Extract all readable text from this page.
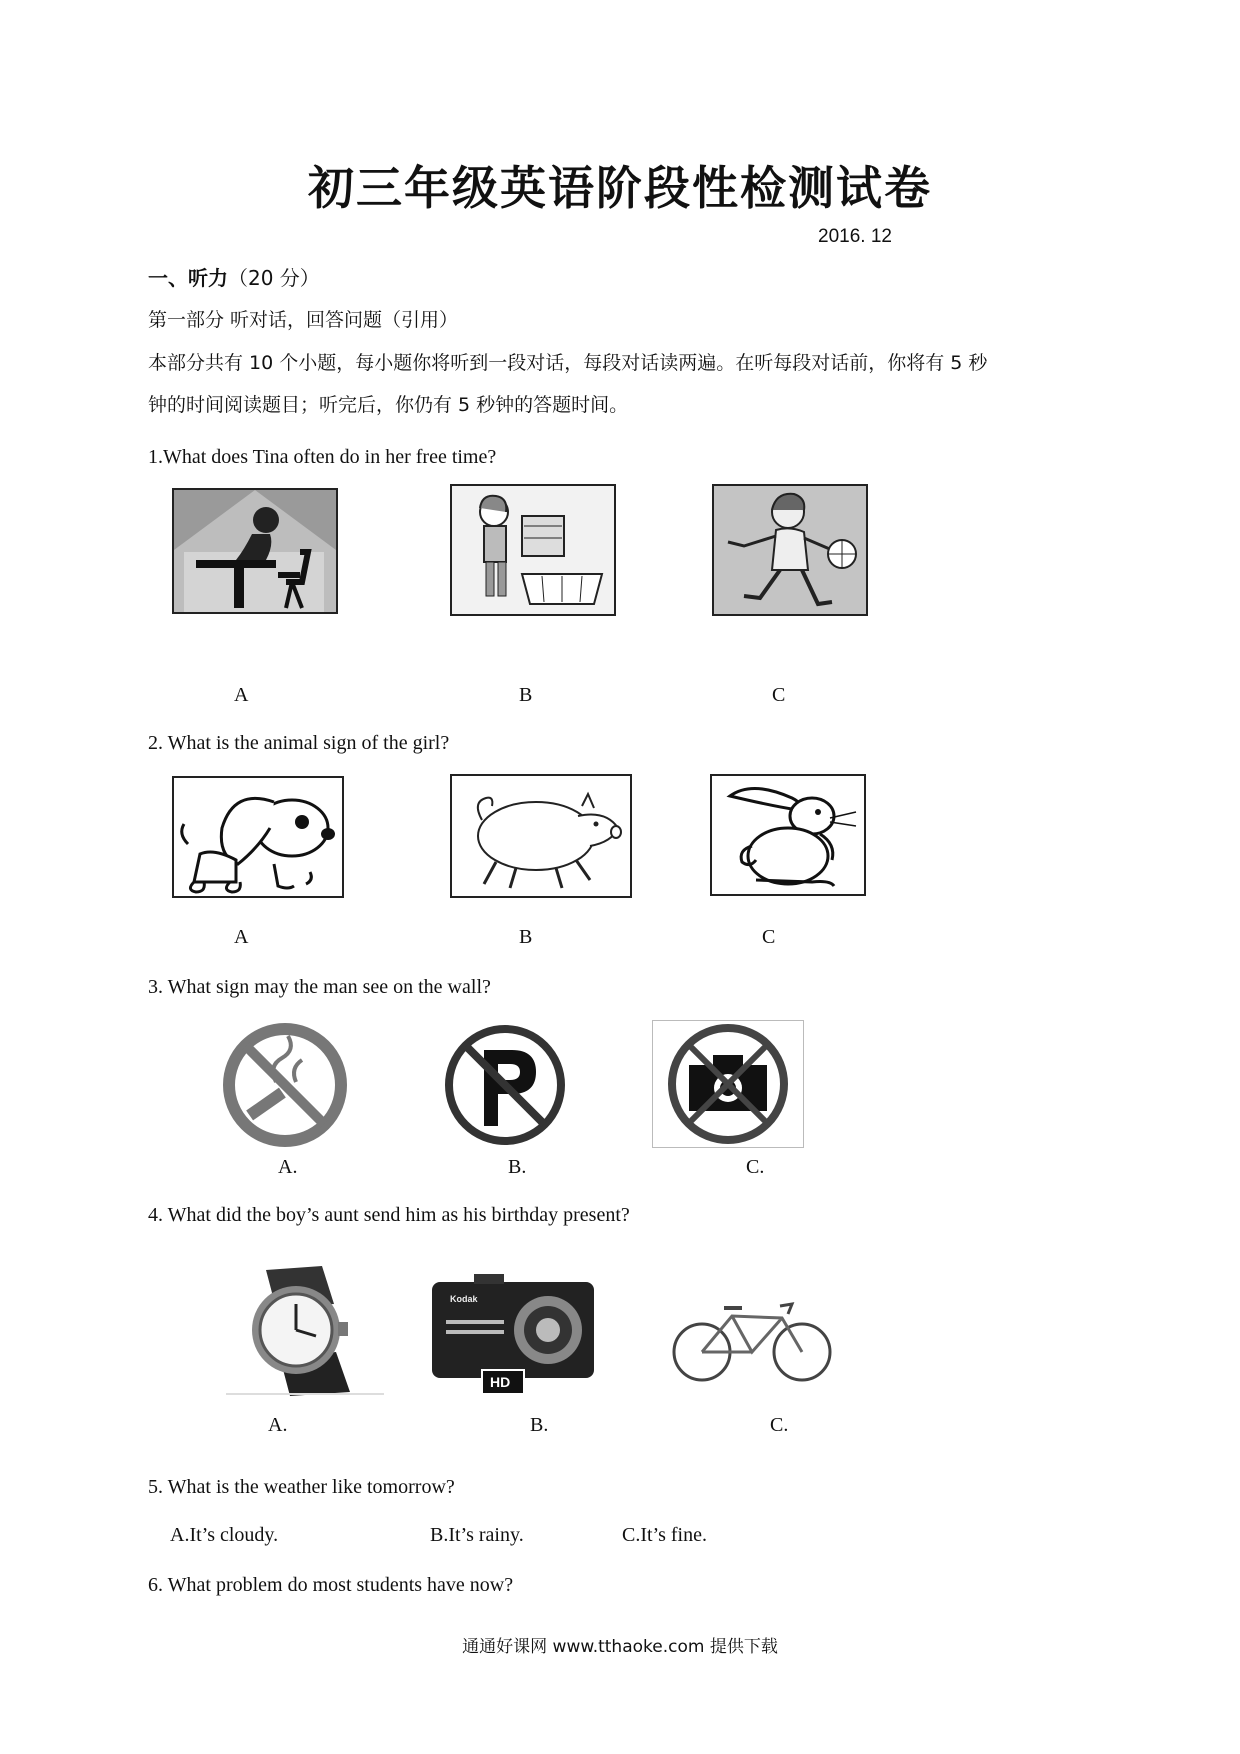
初三年级英语阶段性检测试卷
2016. 12
一、听力（20 分）
第一部分 听对话，回答问题（引用）
本部分共有 10 个小题，每小题你将听到一段对话，每段对话读两遍。在听每段对话前，你将有 5 秒
钟的时间阅读题目；听完后，你仍有 5 秒钟的答题时间。
1.What does Tina often do in her free time?
A	B	C
2. What is the animal sign of the girl?
A	B	C
3. What sign may the man see on the wall?
A.	B.	C.
4. What did the boy’s aunt send him as his birthday present?
Kodak
HD
A.	B.	C.
5. What is the weather like tomorrow?
A.It’s cloudy.	B.It’s rainy.	C.It’s fine.
6. What problem do most students have now?
通通好课网 www.tthaoke.com 提供下载
